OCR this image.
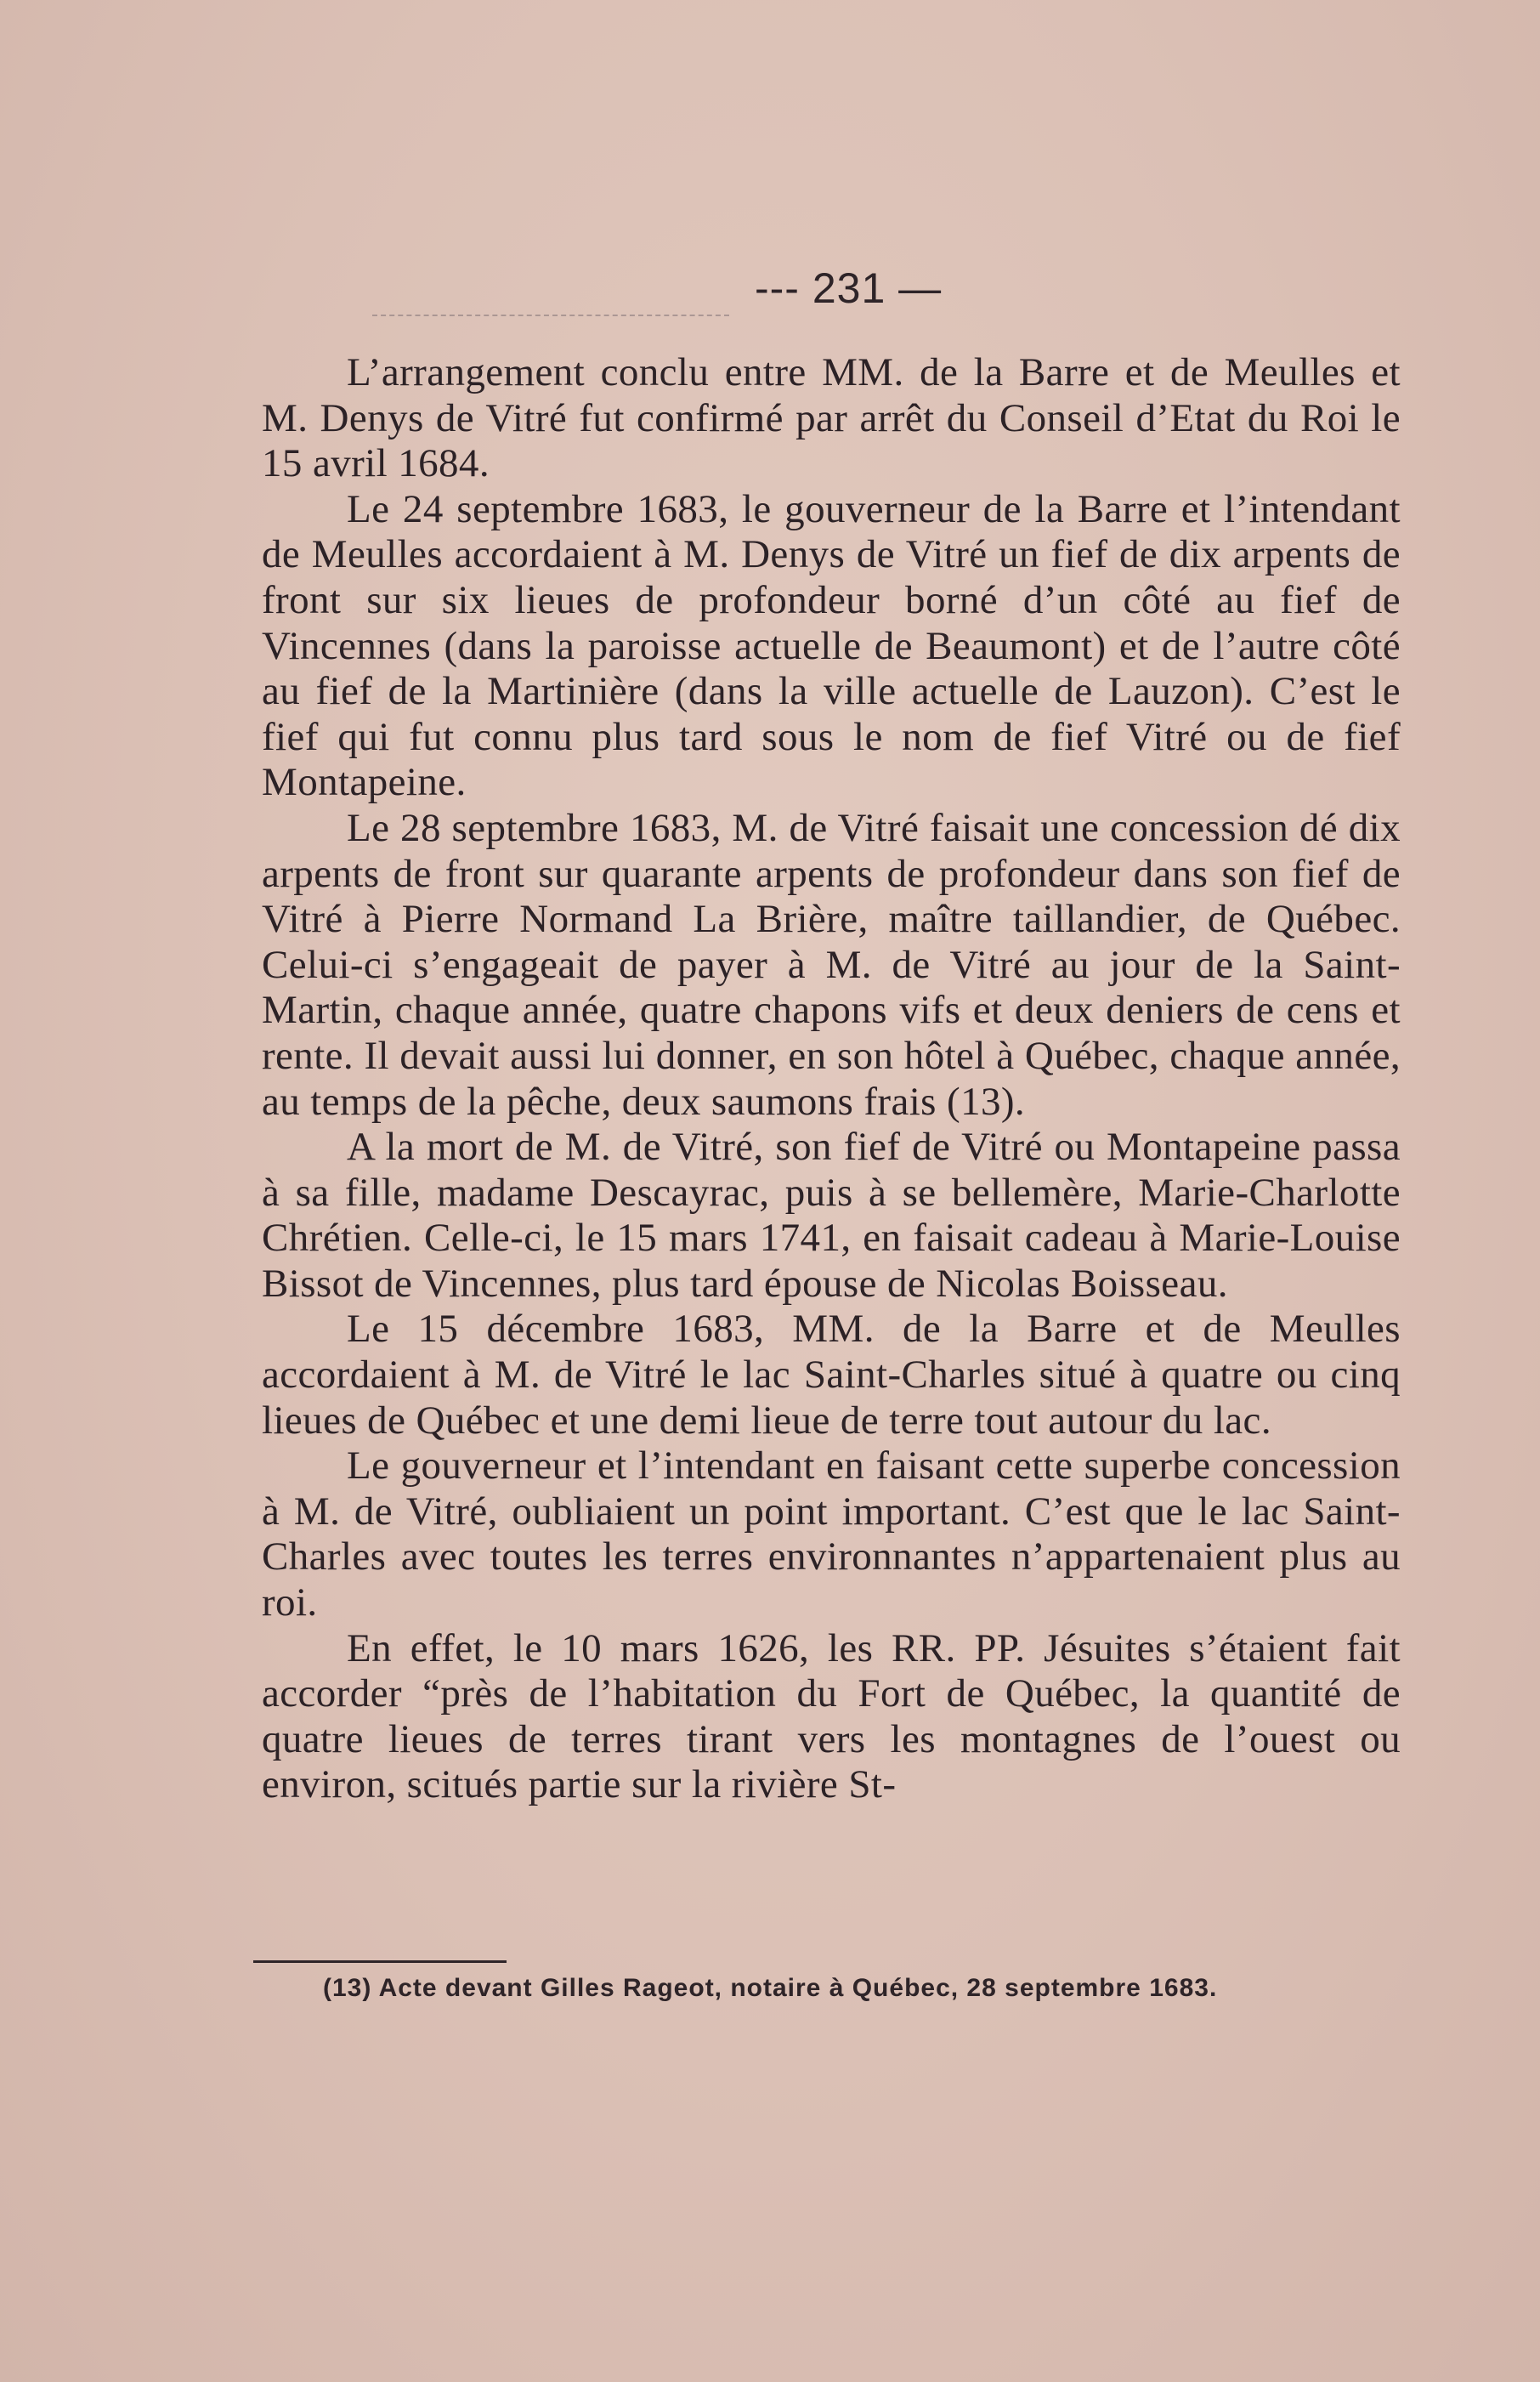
--- 231 —

L’arrangement conclu entre MM. de la Barre et de Meulles et M. Denys de Vitré fut confirmé par arrêt du Conseil d’Etat du Roi le 15 avril 1684.

Le 24 septembre 1683, le gouverneur de la Barre et l’intendant de Meulles accordaient à M. Denys de Vitré un fief de dix arpents de front sur six lieues de profondeur borné d’un côté au fief de Vincennes (dans la paroisse actuelle de Beaumont) et de l’autre côté au fief de la Martinière (dans la ville actuelle de Lauzon). C’est le fief qui fut connu plus tard sous le nom de fief Vitré ou de fief Montapeine.

Le 28 septembre 1683, M. de Vitré faisait une concession dé dix arpents de front sur quarante arpents de profondeur dans son fief de Vitré à Pierre Normand La Brière, maître taillandier, de Québec. Celui-ci s’engageait de payer à M. de Vitré au jour de la Saint-Martin, chaque année, quatre chapons vifs et deux deniers de cens et rente. Il devait aussi lui donner, en son hôtel à Québec, chaque année, au temps de la pêche, deux saumons frais (13).

A la mort de M. de Vitré, son fief de Vitré ou Montapeine passa à sa fille, madame Descayrac, puis à se bellemère, Marie-Charlotte Chrétien. Celle-ci, le 15 mars 1741, en faisait cadeau à Marie-Louise Bissot de Vincennes, plus tard épouse de Nicolas Boisseau.

Le 15 décembre 1683, MM. de la Barre et de Meulles accordaient à M. de Vitré le lac Saint-Charles situé à quatre ou cinq lieues de Québec et une demi lieue de terre tout autour du lac.

Le gouverneur et l’intendant en faisant cette superbe concession à M. de Vitré, oubliaient un point important. C’est que le lac Saint-Charles avec toutes les terres environnantes n’appartenaient plus au roi.

En effet, le 10 mars 1626, les RR. PP. Jésuites s’étaient fait accorder “près de l’habitation du Fort de Québec, la quantité de quatre lieues de terres tirant vers les montagnes de l’ouest ou environ, scitués partie sur la rivière St-

(13) Acte devant Gilles Rageot, notaire à Québec, 28 septembre 1683.
